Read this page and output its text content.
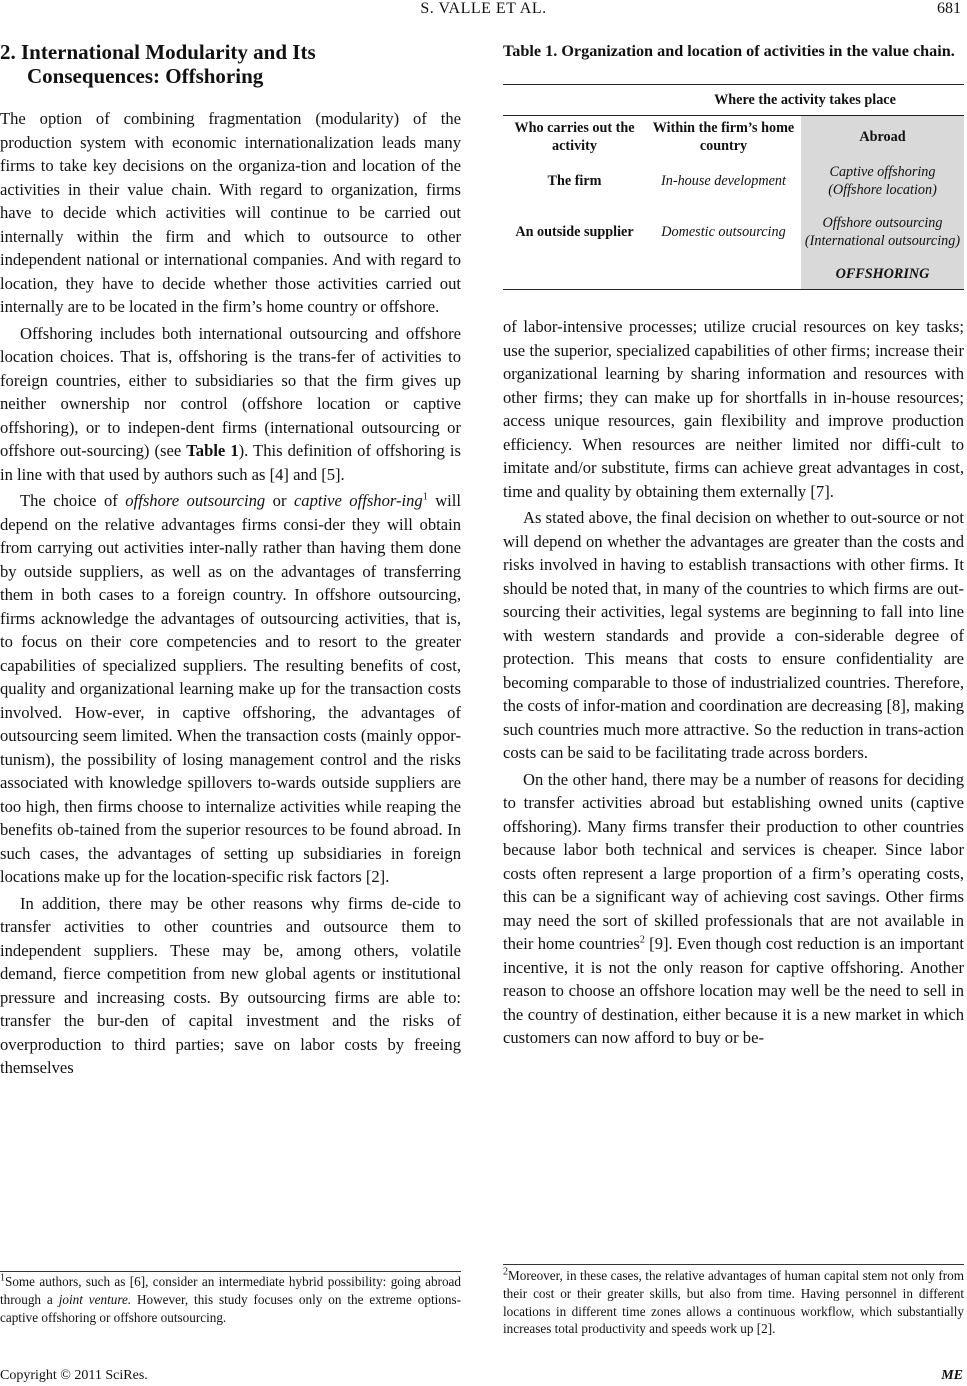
S. VALLE ET AL.	681
2. International Modularity and Its
Consequences: Offshoring

The option of combining fragmentation (modularity) of the production system with economic internationalization leads many firms to take key decisions on the organiza-tion and location of the activities in their value chain. With regard to organization, firms have to decide which activities will continue to be carried out internally within the firm and which to outsource to other independent national or international companies. And with regard to location, they have to decide whether those activities carried out internally are to be located in the firm’s home country or offshore.

Offshoring includes both international outsourcing and offshore location choices. That is, offshoring is the trans-fer of activities to foreign countries, either to subsidiaries so that the firm gives up neither ownership nor control (offshore location or captive offshoring), or to indepen-dent firms (international outsourcing or offshore out-sourcing) (see Table 1). This definition of offshoring is in line with that used by authors such as [4] and [5].

The choice of offshore outsourcing or captive offshor-ing$^1$ will depend on the relative advantages firms consi-der they will obtain from carrying out activities inter-nally rather than having them done by outside suppliers, as well as on the advantages of transferring them in both cases to a foreign country. In offshore outsourcing, firms acknowledge the advantages of outsourcing activities, that is, to focus on their core competencies and to resort to the greater capabilities of specialized suppliers. The resulting benefits of cost, quality and organizational learning make up for the transaction costs involved. How-ever, in captive offshoring, the advantages of outsourcing seem limited. When the transaction costs (mainly oppor-tunism), the possibility of losing management control and the risks associated with knowledge spillovers to-wards outside suppliers are too high, then firms choose to internalize activities while reaping the benefits ob-tained from the superior resources to be found abroad. In such cases, the advantages of setting up subsidiaries in foreign locations make up for the location-specific risk factors [2].

In addition, there may be other reasons why firms de-cide to transfer activities to other countries and outsource them to independent suppliers. These may be, among others, volatile demand, fierce competition from new global agents or institutional pressure and increasing costs. By outsourcing firms are able to: transfer the bur-den of capital investment and the risks of overproduction to third parties; save on labor costs by freeing themselves

$^1$Some authors, such as [6], consider an intermediate hybrid possibility: going abroad through a joint venture. However, this study focuses only on the extreme options-captive offshoring or offshore outsourcing.

Table 1. Organization and location of activities in the value chain.

	Where the activity takes place	
Who carries out the activity	Within the firm’s home country	Abroad
The firm	In-house development	Captive offshoring (Offshore location)
An outside supplier	Domestic outsourcing	Offshore outsourcing (International outsourcing)
		OFFSHORING

of labor-intensive processes; utilize crucial resources on key tasks; use the superior, specialized capabilities of other firms; increase their organizational learning by sharing information and resources with other firms; they can make up for shortfalls in in-house resources; access unique resources, gain flexibility and improve production efficiency. When resources are neither limited nor diffi-cult to imitate and/or substitute, firms can achieve great advantages in cost, time and quality by obtaining them externally [7].

As stated above, the final decision on whether to out-source or not will depend on whether the advantages are greater than the costs and risks involved in having to establish transactions with other firms. It should be noted that, in many of the countries to which firms are out-sourcing their activities, legal systems are beginning to fall into line with western standards and provide a con-siderable degree of protection. This means that costs to ensure confidentiality are becoming comparable to those of industrialized countries. Therefore, the costs of infor-mation and coordination are decreasing [8], making such countries much more attractive. So the reduction in trans-action costs can be said to be facilitating trade across borders.

On the other hand, there may be a number of reasons for deciding to transfer activities abroad but establishing owned units (captive offshoring). Many firms transfer their production to other countries because labor both technical and services is cheaper. Since labor costs often represent a large proportion of a firm’s operating costs, this can be a significant way of achieving cost savings. Other firms may need the sort of skilled professionals that are not available in their home countries$^2$ [9]. Even though cost reduction is an important incentive, it is not the only reason for captive offshoring. Another reason to choose an offshore location may well be the need to sell in the country of destination, either because it is a new market in which customers can now afford to buy or be-

$^2$Moreover, in these cases, the relative advantages of human capital stem not only from their cost or their greater skills, but also from time. Having personnel in different locations in different time zones allows a continuous workflow, which substantially increases total productivity and speeds work up [2].
Copyright © 2011 SciRes.	ME
